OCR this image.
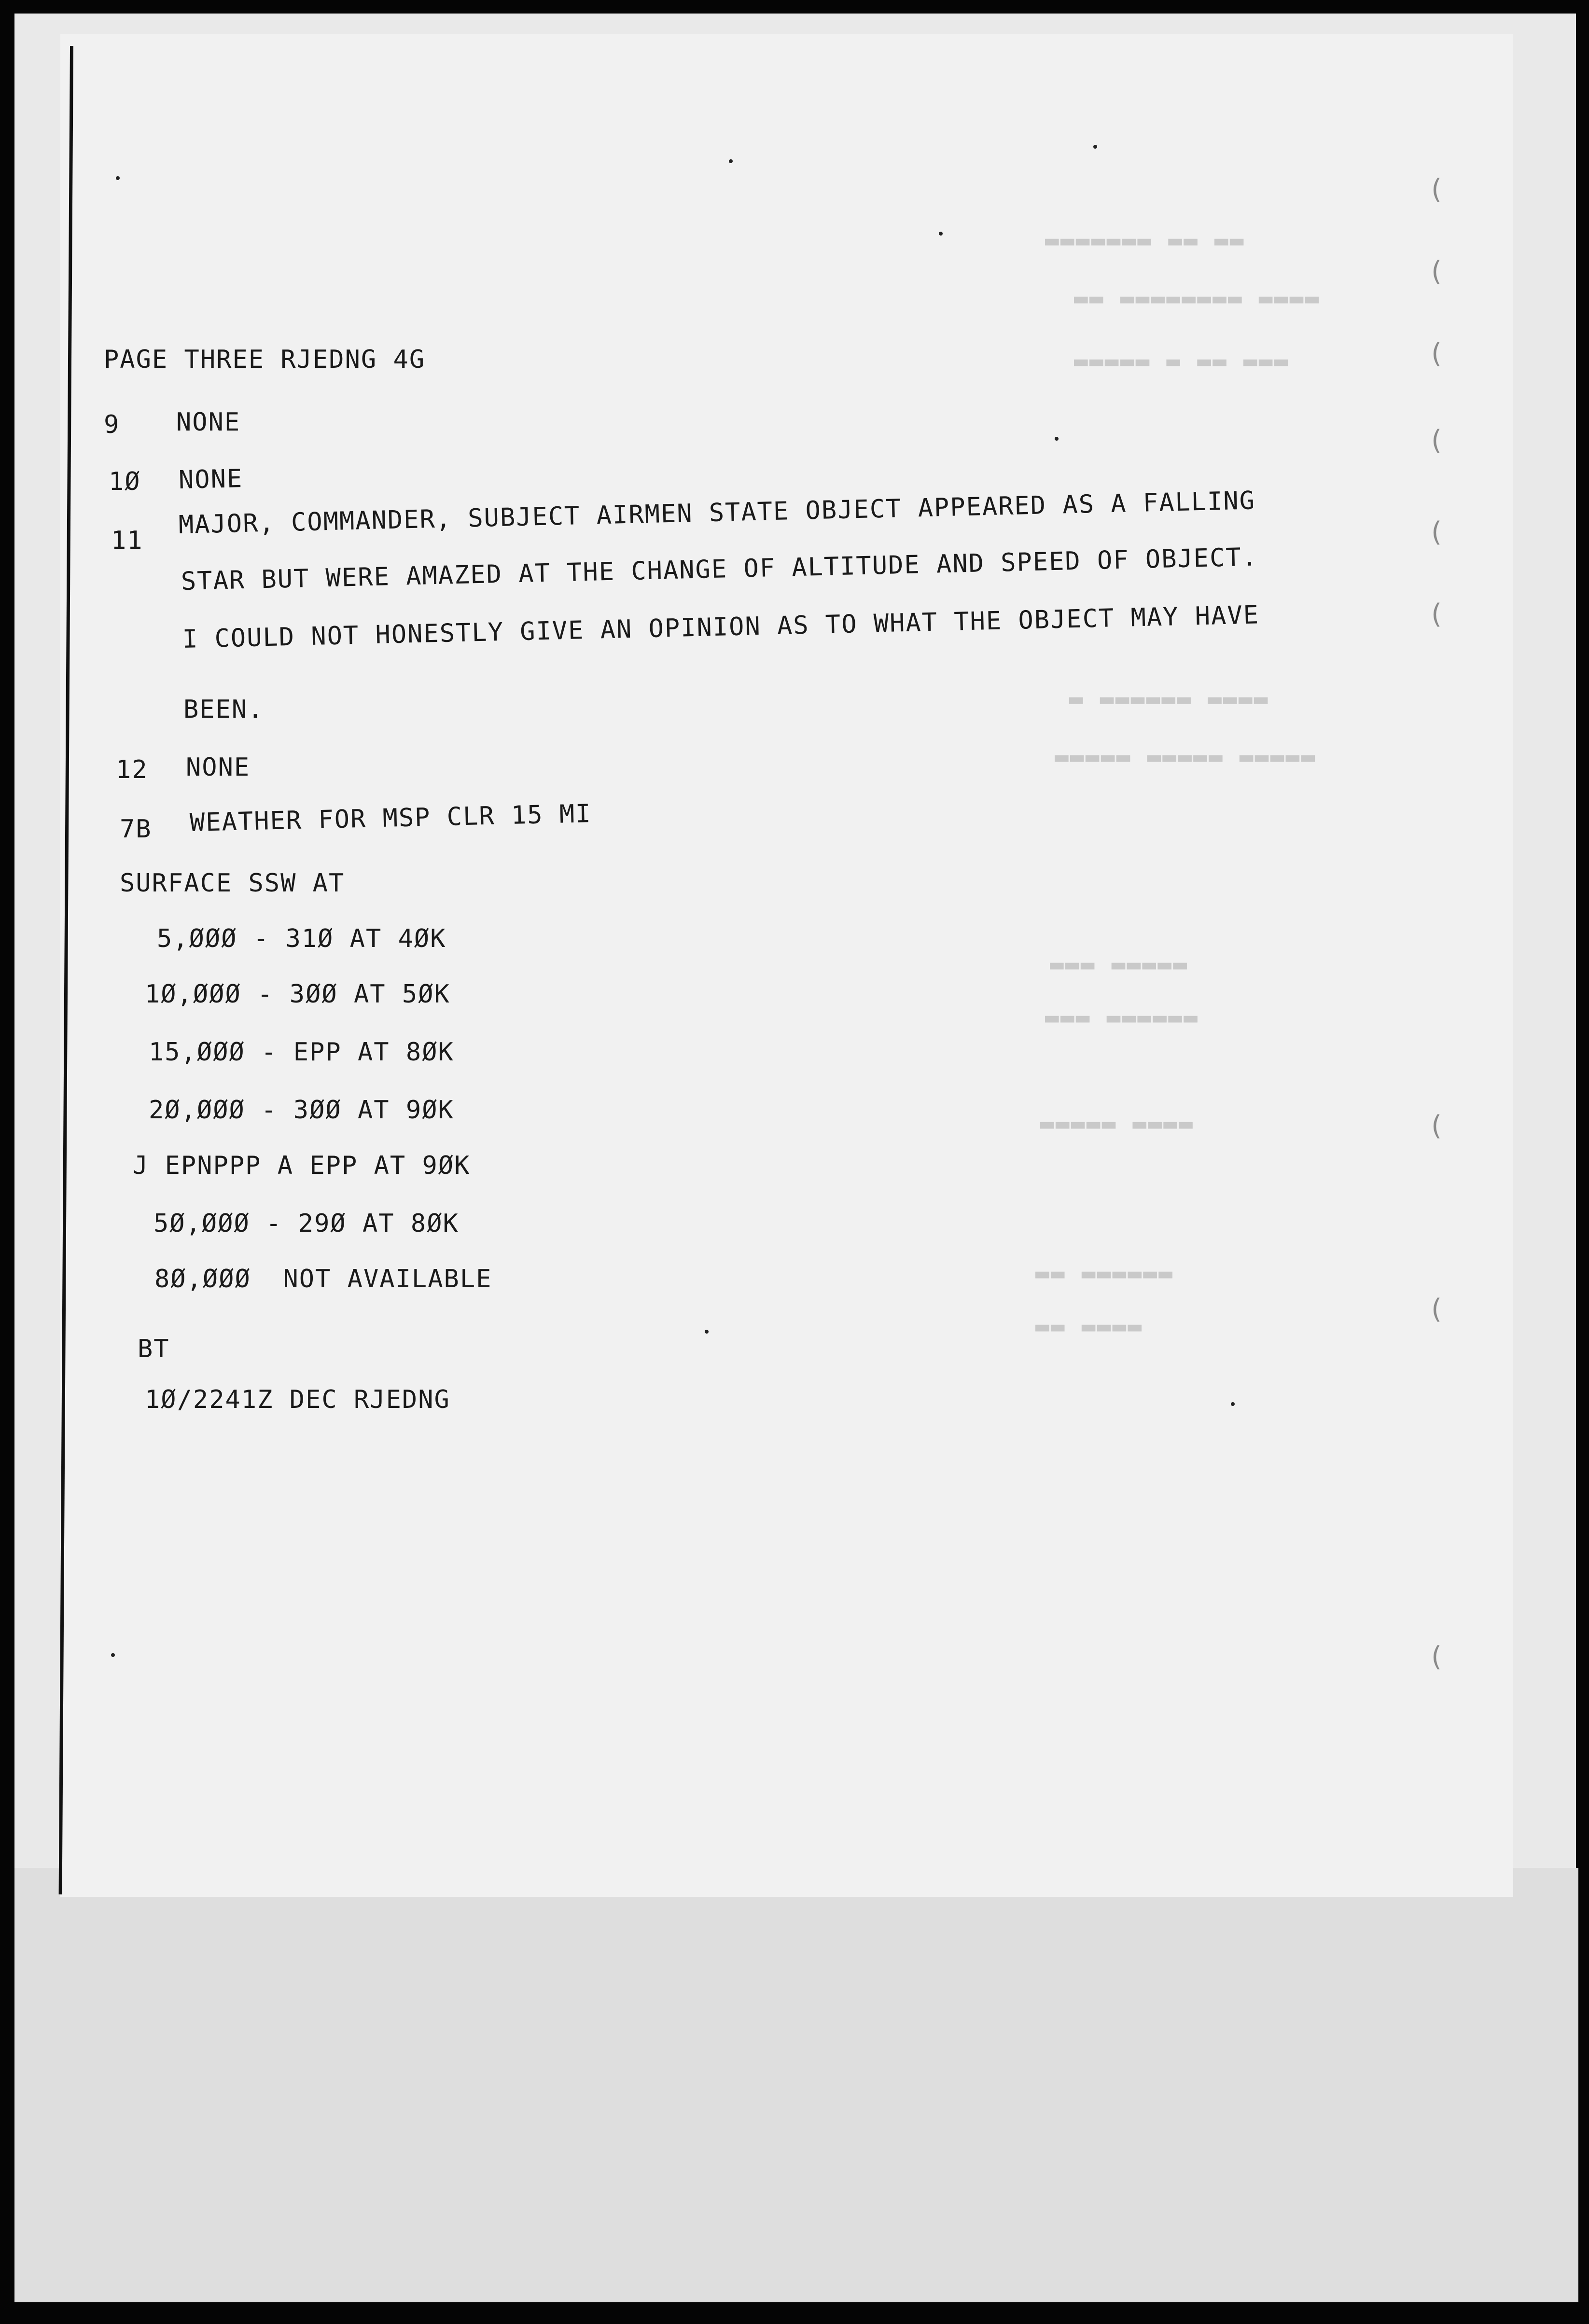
▬▬▬▬▬▬▬ ▬▬ ▬▬
▬▬ ▬▬▬▬▬▬▬▬ ▬▬▬▬
▬▬▬▬▬ ▬ ▬▬ ▬▬▬
▬ ▬▬▬▬▬▬ ▬▬▬▬
▬▬▬▬▬ ▬▬▬▬▬ ▬▬▬▬▬
▬▬▬ ▬▬▬▬▬
▬▬▬ ▬▬▬▬▬▬
▬▬▬▬▬ ▬▬▬▬
▬▬ ▬▬▬▬▬▬
▬▬ ▬▬▬▬
(
(
(
(
(
(
(
(
(

PAGE THREE RJEDNG 4G

9 NONE

1Ø NONE

11

MAJOR, COMMANDER, SUBJECT AIRMEN STATE OBJECT APPEARED AS A FALLING

STAR BUT WERE AMAZED AT THE CHANGE OF ALTITUDE AND SPEED OF OBJECT.

I COULD NOT HONESTLY GIVE AN OPINION AS TO WHAT THE OBJECT MAY HAVE

BEEN.

12 NONE

7B WEATHER FOR MSP CLR 15 MI

SURFACE SSW AT

5,ØØØ - 31Ø AT 4ØK

1Ø,ØØØ - 3ØØ AT 5ØK

15,ØØØ - EPP AT 8ØK

2Ø,ØØØ - 3ØØ AT 9ØK

J EPNPPP A EPP AT 9ØK

5Ø,ØØØ - 29Ø AT 8ØK

8Ø,ØØØ  NOT AVAILABLE

BT

1Ø/2241Z DEC RJEDNG
